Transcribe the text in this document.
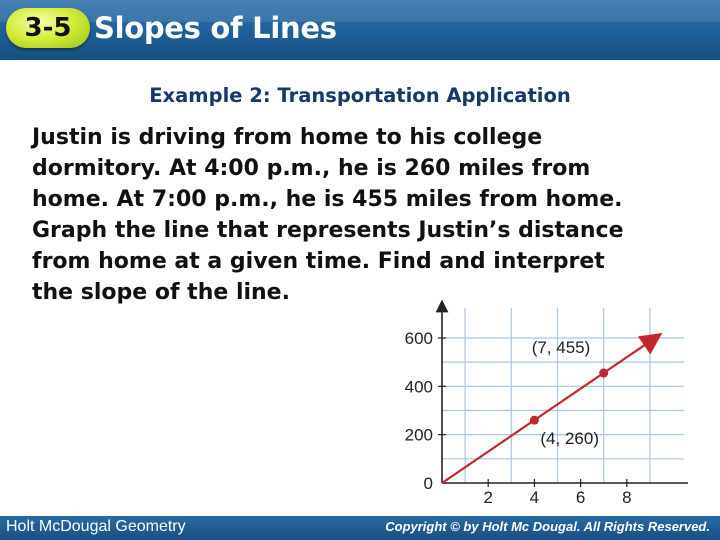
3-5 Slopes of Lines
Example 2: Transportation Application
Justin is driving from home to his college
dormitory. At 4:00 p.m., he is 260 miles from
home. At 7:00 p.m., he is 455 miles from home.
Graph the line that represents Justin’s distance
from home at a given time. Find and interpret
the slope of the line.
2 4 6 8
600
400
200
0
(4, 260)
(7, 455)
Holt McDougal Geometry	Copyright © by Holt Mc Dougal. All Rights Reserved.
